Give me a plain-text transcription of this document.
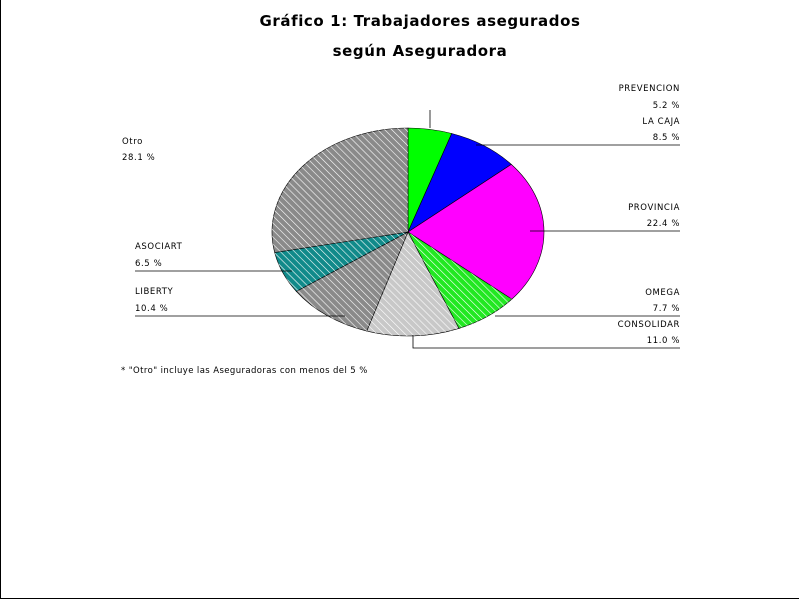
Gráfico 1: Trabajadores asegurados
según Aseguradora
PREVENCION
5.2 %
LA CAJA
8.5 %
PROVINCIA
22.4 %
OMEGA
7.7 %
CONSOLIDAR
11.0 %
LIBERTY
10.4 %
ASOCIART
6.5 %
Otro
28.1 %
* "Otro" incluye las Aseguradoras con menos del 5 %
